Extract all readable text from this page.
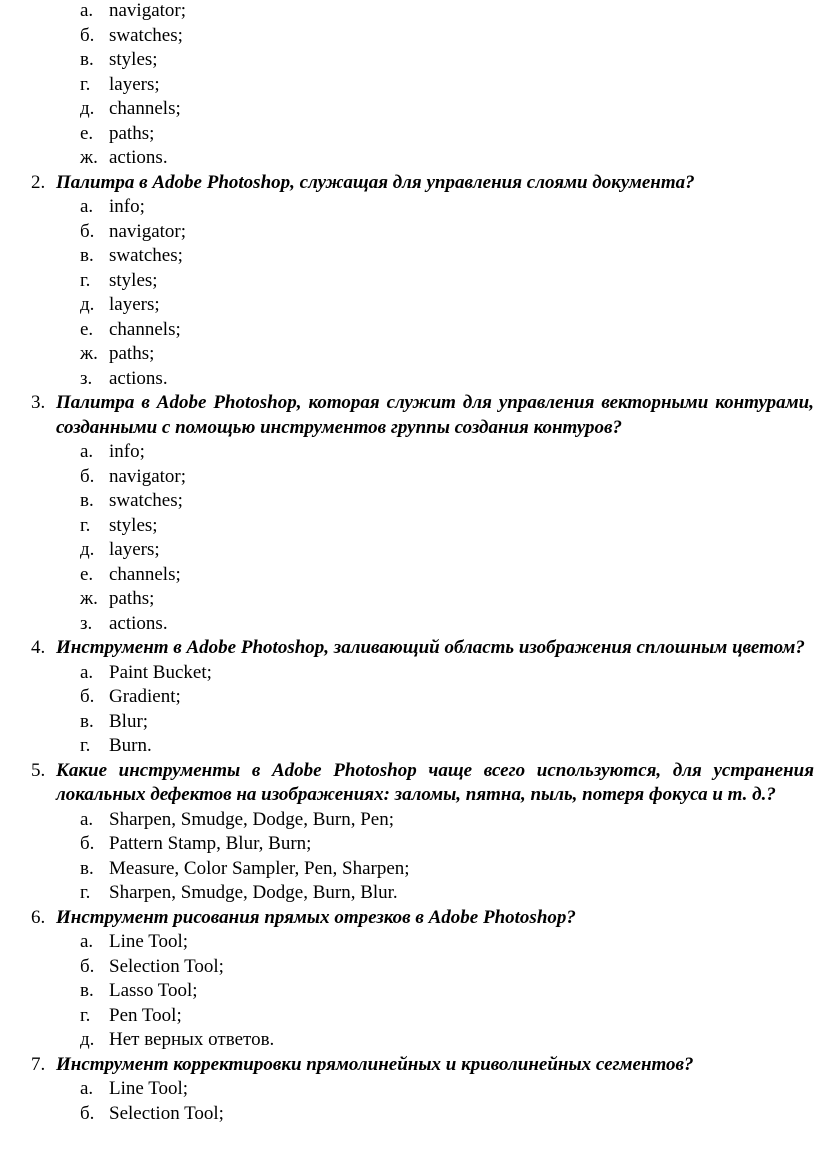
а. navigator;
б. swatches;
в. styles;
г. layers;
д. channels;
е. paths;
ж. actions.
2. Палитра в Adobe Photoshop, служащая для управления слоями документа?
а. info;
б. navigator;
в. swatches;
г. styles;
д. layers;
е. channels;
ж. paths;
з. actions.
3. Палитра в Adobe Photoshop, которая служит для управления векторными контурами, созданными с помощью инструментов группы создания контуров?
а. info;
б. navigator;
в. swatches;
г. styles;
д. layers;
е. channels;
ж. paths;
з. actions.
4. Инструмент в Adobe Photoshop, заливающий область изображения сплошным цветом?
а. Paint Bucket;
б. Gradient;
в. Blur;
г. Burn.
5. Какие инструменты в Adobe Photoshop чаще всего используются, для устранения локальных дефектов на изображениях: заломы, пятна, пыль, потеря фокуса и т. д.?
а. Sharpen, Smudge, Dodge, Burn, Pen;
б. Pattern Stamp, Blur, Burn;
в. Measure, Color Sampler, Pen, Sharpen;
г. Sharpen, Smudge, Dodge, Burn, Blur.
6. Инструмент рисования прямых отрезков в Adobe Photoshop?
а. Line Tool;
б. Selection Tool;
в. Lasso Tool;
г. Pen Tool;
д. Нет верных ответов.
7. Инструмент корректировки прямолинейных и криволинейных сегментов?
а. Line Tool;
б. Selection Tool;
